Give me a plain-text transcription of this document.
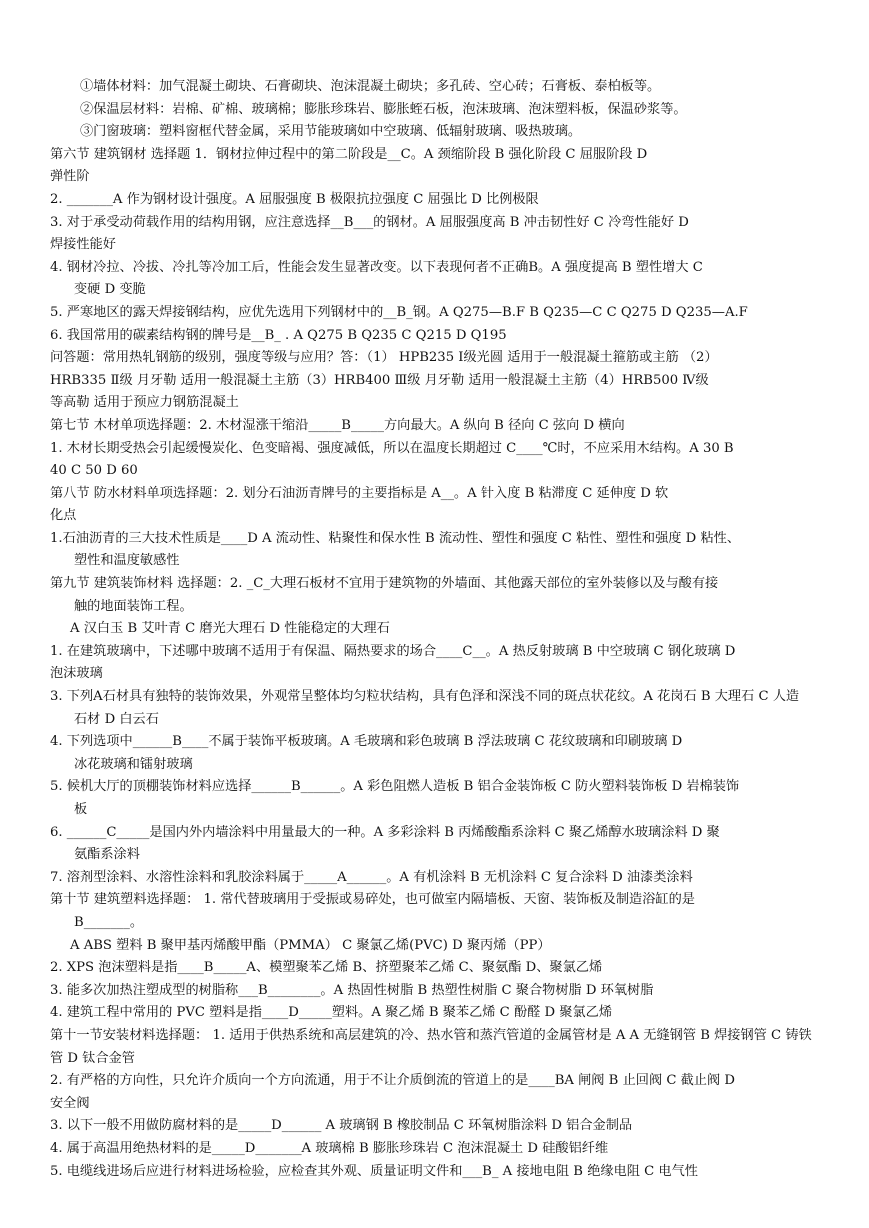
①墙体材料：加气混凝土砌块、石膏砌块、泡沫混凝土砌块；多孔砖、空心砖；石膏板、泰柏板等。
②保温层材料：岩棉、矿棉、玻璃棉；膨胀珍珠岩、膨胀蛭石板，泡沫玻璃、泡沫塑料板，保温砂浆等。
③门窗玻璃：塑料窗框代替金属，采用节能玻璃如中空玻璃、低辐射玻璃、吸热玻璃。
第六节 建筑钢材 选择题 1．钢材拉伸过程中的第二阶段是__C。A 颈缩阶段 B 强化阶段 C 屈服阶段 D
弹性阶
2. _______A 作为钢材设计强度。A 屈服强度 B 极限抗拉强度 C 屈强比 D 比例极限
3. 对于承受动荷载作用的结构用钢，应注意选择__B___的钢材。A 屈服强度高 B 冲击韧性好 C 冷弯性能好 D
焊接性能好
4. 钢材冷拉、冷拔、冷扎等冷加工后，性能会发生显著改变。以下表现何者不正确B。A 强度提高 B 塑性增大 C
变硬 D 变脆
5. 严寒地区的露天焊接钢结构，应优先选用下列钢材中的__B_钢。A Q275—B.F B Q235—C C Q275 D Q235—A.F
6. 我国常用的碳素结构钢的牌号是__B_ . A Q275 B Q235 C Q215 D Q195
问答题：常用热轧钢筋的级别，强度等级与应用？答：（1） HPB235 Ⅰ级光圆 适用于一般混凝土箍筋或主筋 （2）
HRB335 Ⅱ级 月牙勒 适用一般混凝土主筋（3）HRB400 Ⅲ级 月牙勒 适用一般混凝土主筋（4）HRB500 Ⅳ级
等高勒 适用于预应力钢筋混凝土
第七节 木材单项选择题：2. 木材湿涨干缩沿_____B_____方向最大。A 纵向 B 径向 C 弦向 D 横向
1. 木材长期受热会引起缓慢炭化、色变暗褐、强度减低，所以在温度长期超过 C____℃时，不应采用木结构。A 30 B
40 C 50 D 60
第八节 防水材料单项选择题：2. 划分石油沥青牌号的主要指标是 A__。A 针入度 B 粘滞度 C 延伸度 D 软
化点
1.石油沥青的三大技术性质是____D A 流动性、粘聚性和保水性 B 流动性、塑性和强度 C 粘性、塑性和强度 D 粘性、
塑性和温度敏感性
第九节 建筑装饰材料 选择题：2. _C_大理石板材不宜用于建筑物的外墙面、其他露天部位的室外装修以及与酸有接
触的地面装饰工程。
A 汉白玉 B 艾叶青 C 磨光大理石 D 性能稳定的大理石
1. 在建筑玻璃中，下述哪中玻璃不适用于有保温、隔热要求的场合____C__。A 热反射玻璃 B 中空玻璃 C 钢化玻璃 D
泡沫玻璃
3. 下列A石材具有独特的装饰效果，外观常呈整体均匀粒状结构，具有色泽和深浅不同的斑点状花纹。A 花岗石 B 大理石 C 人造
石材 D 白云石
4. 下列选项中______B____不属于装饰平板玻璃。A 毛玻璃和彩色玻璃 B 浮法玻璃 C 花纹玻璃和印刷玻璃 D
冰花玻璃和镭射玻璃
5. 候机大厅的顶棚装饰材料应选择______B______。A 彩色阻燃人造板 B 铝合金装饰板 C 防火塑料装饰板 D 岩棉装饰
板
6. ______C_____是国内外内墙涂料中用量最大的一种。A 多彩涂料 B 丙烯酸酯系涂料 C 聚乙烯醇水玻璃涂料 D 聚
氨酯系涂料
7. 溶剂型涂料、水溶性涂料和乳胶涂料属于_____A______。A 有机涂料 B 无机涂料 C 复合涂料 D 油漆类涂料
第十节 建筑塑料选择题： 1. 常代替玻璃用于受振或易碎处，也可做室内隔墙板、天窗、装饰板及制造浴缸的是
B_______。
A ABS 塑料 B 聚甲基丙烯酸甲酯（PMMA） C 聚氯乙烯(PVC) D 聚丙烯（PP）
2. XPS 泡沫塑料是指____B_____A、模塑聚苯乙烯 B、挤塑聚苯乙烯 C、聚氨酯 D、聚氯乙烯
3. 能多次加热注塑成型的树脂称___B________。A 热固性树脂 B 热塑性树脂 C 聚合物树脂 D 环氧树脂
4. 建筑工程中常用的 PVC 塑料是指____D_____塑料。A 聚乙烯 B 聚苯乙烯 C 酚醛 D 聚氯乙烯
第十一节安装材料选择题： 1. 适用于供热系统和高层建筑的冷、热水管和蒸汽管道的金属管材是 A A 无缝钢管 B 焊接钢管 C 铸铁
管 D 钛合金管
2. 有严格的方向性，只允许介质向一个方向流通，用于不让介质倒流的管道上的是____BA 闸阀 B 止回阀 C 截止阀 D
安全阀
3. 以下一般不用做防腐材料的是_____D______ A 玻璃钢 B 橡胶制品 C 环氧树脂涂料 D 铝合金制品
4. 属于高温用绝热材料的是_____D_______A 玻璃棉 B 膨胀珍珠岩 C 泡沫混凝土 D 硅酸铝纤维
5. 电缆线进场后应进行材料进场检验，应检查其外观、质量证明文件和___B_ A 接地电阻 B 绝缘电阻 C 电气性
